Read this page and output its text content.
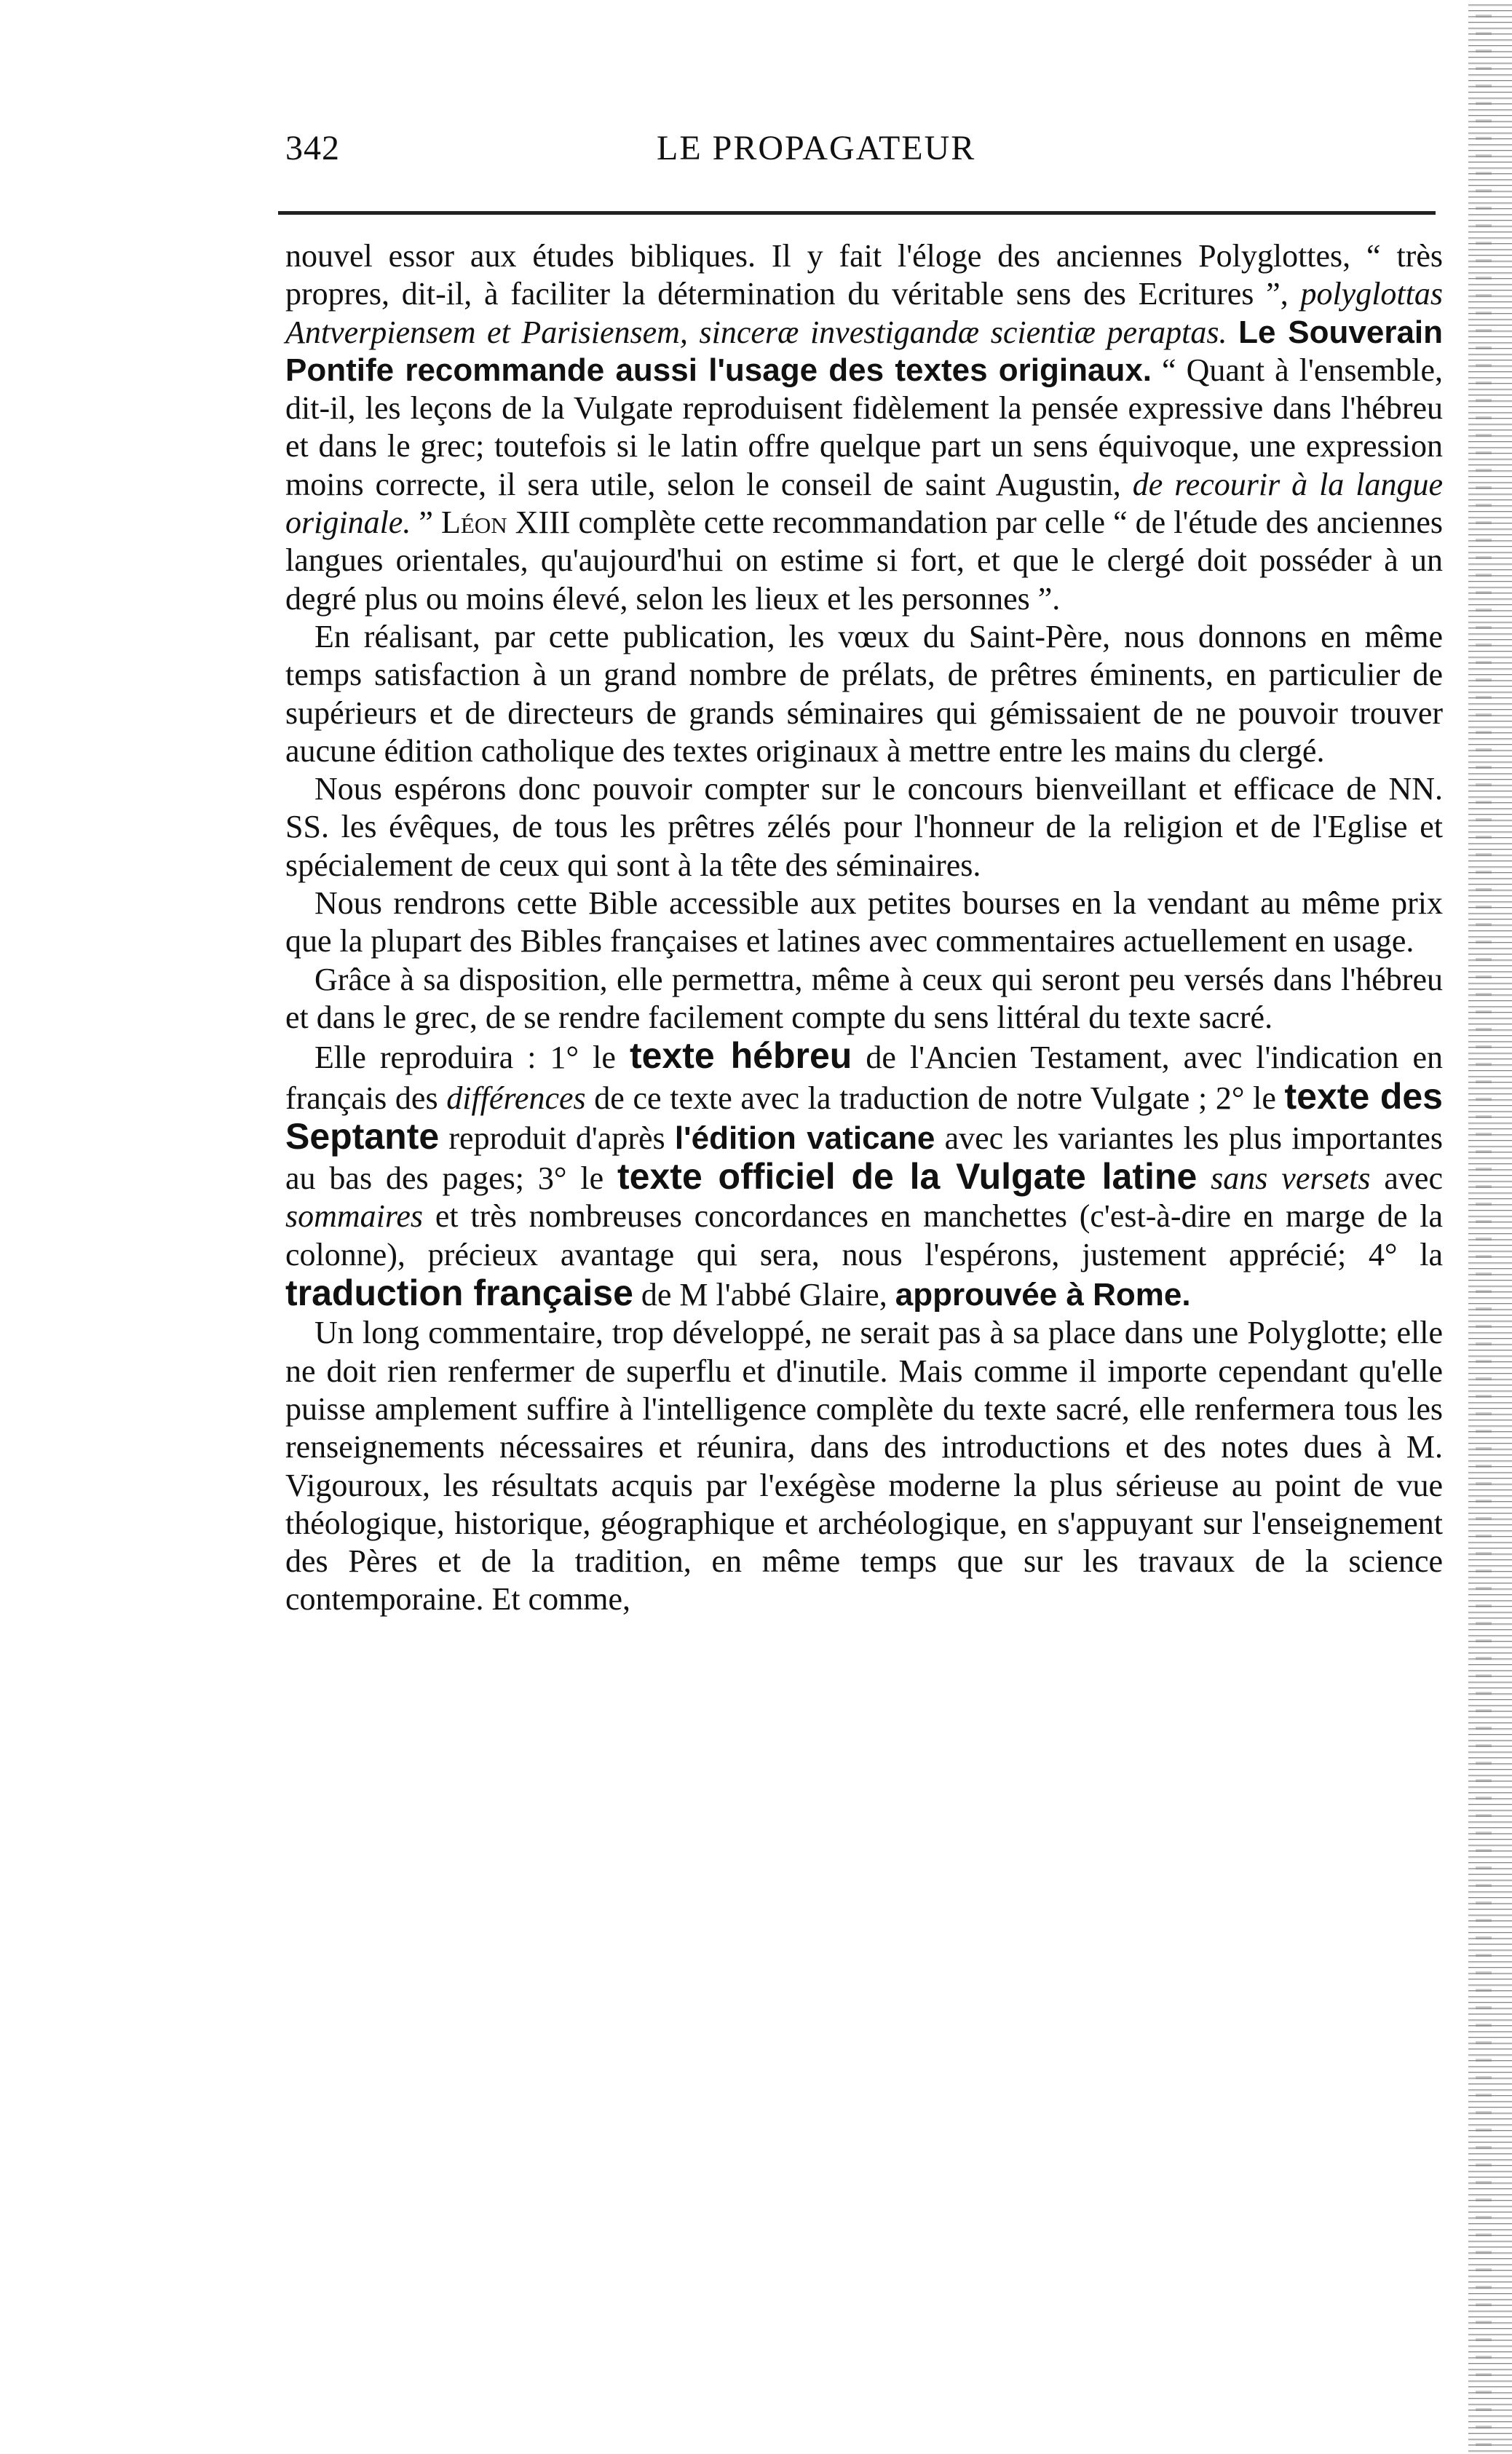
342	LE PROPAGATEUR

nouvel essor aux études bibliques. Il y fait l'éloge des anciennes Polyglottes, “ très propres, dit-il, à faciliter la détermination du véritable sens des Ecritures ”, polyglottas Antverpiensem et Parisiensem, sinceræ investigandæ scientiæ peraptas. Le Souverain Pontife recommande aussi l'usage des textes originaux. “ Quant à l'ensemble, dit-il, les leçons de la Vulgate reproduisent fidèlement la pensée expressive dans l'hébreu et dans le grec; toutefois si le latin offre quelque part un sens équivoque, une expression moins correcte, il sera utile, selon le conseil de saint Augustin, de recourir à la langue originale. ” Léon XIII complète cette recommandation par celle “ de l'étude des anciennes langues orientales, qu'aujourd'hui on estime si fort, et que le clergé doit posséder à un degré plus ou moins élevé, selon les lieux et les personnes ”.

En réalisant, par cette publication, les vœux du Saint-Père, nous donnons en même temps satisfaction à un grand nombre de prélats, de prêtres éminents, en particulier de supérieurs et de directeurs de grands séminaires qui gémissaient de ne pouvoir trouver aucune édition catholique des textes originaux à mettre entre les mains du clergé.

Nous espérons donc pouvoir compter sur le concours bienveillant et efficace de NN. SS. les évêques, de tous les prêtres zélés pour l'honneur de la religion et de l'Eglise et spécialement de ceux qui sont à la tête des séminaires.

Nous rendrons cette Bible accessible aux petites bourses en la vendant au même prix que la plupart des Bibles françaises et latines avec commentaires actuellement en usage.

Grâce à sa disposition, elle permettra, même à ceux qui seront peu versés dans l'hébreu et dans le grec, de se rendre facilement compte du sens littéral du texte sacré.

Elle reproduira : 1° le texte hébreu de l'Ancien Testament, avec l'indication en français des différences de ce texte avec la traduction de notre Vulgate ; 2° le texte des Septante reproduit d'après l'édition vaticane avec les variantes les plus importantes au bas des pages; 3° le texte officiel de la Vulgate latine sans versets avec sommaires et très nombreuses concordances en manchettes (c'est-à-dire en marge de la colonne), précieux avantage qui sera, nous l'espérons, justement apprécié; 4° la traduction française de M l'abbé Glaire, approuvée à Rome.

Un long commentaire, trop développé, ne serait pas à sa place dans une Polyglotte; elle ne doit rien renfermer de superflu et d'inutile. Mais comme il importe cependant qu'elle puisse amplement suffire à l'intelligence complète du texte sacré, elle renfermera tous les renseignements nécessaires et réunira, dans des introductions et des notes dues à M. Vigouroux, les résultats acquis par l'exégèse moderne la plus sérieuse au point de vue théologique, historique, géographique et archéologique, en s'appuyant sur l'enseignement des Pères et de la tradition, en même temps que sur les travaux de la science contemporaine. Et comme,
